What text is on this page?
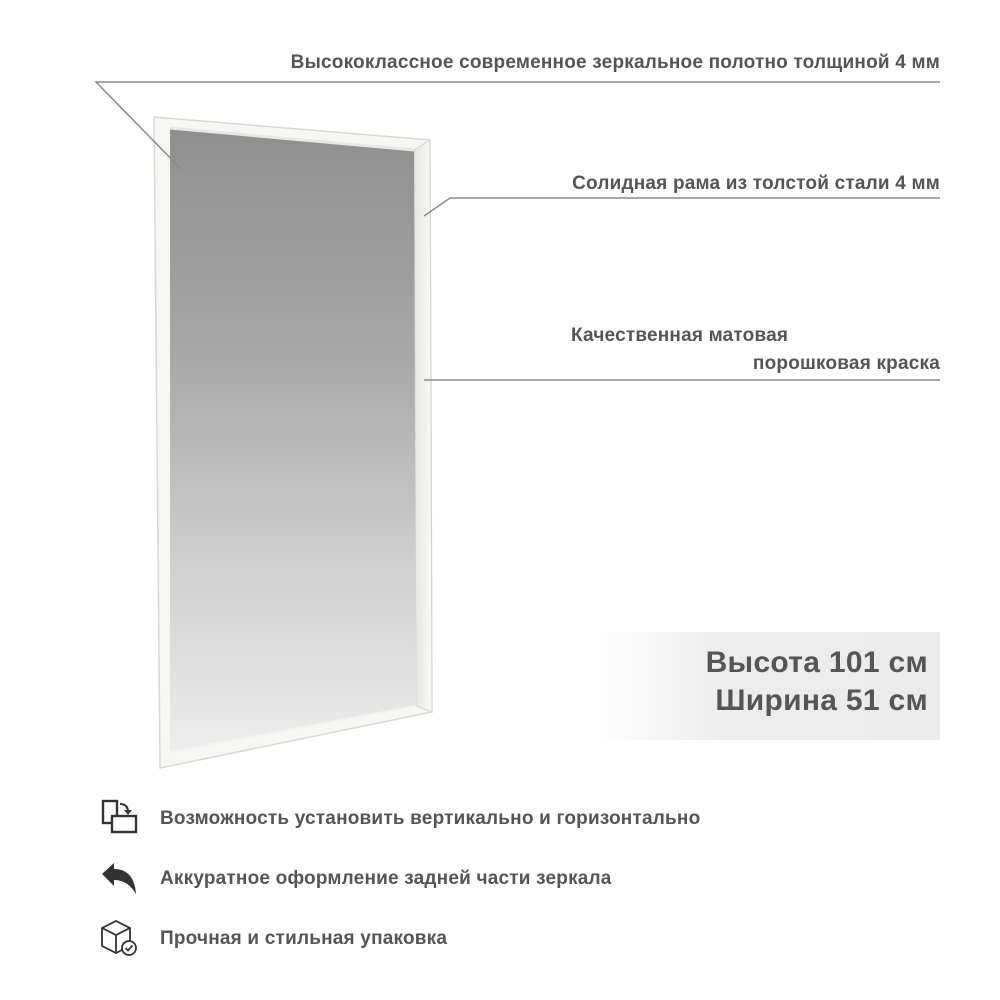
Высококлассное современное зеркальное полотно толщиной 4 мм
Солидная рама из толстой стали 4 мм
Качественная матовая
порошковая краска
Высота 101 см
Ширина 51 см
Возможность установить вертикально и горизонтально
Аккуратное оформление задней части зеркала
Прочная и стильная упаковка
